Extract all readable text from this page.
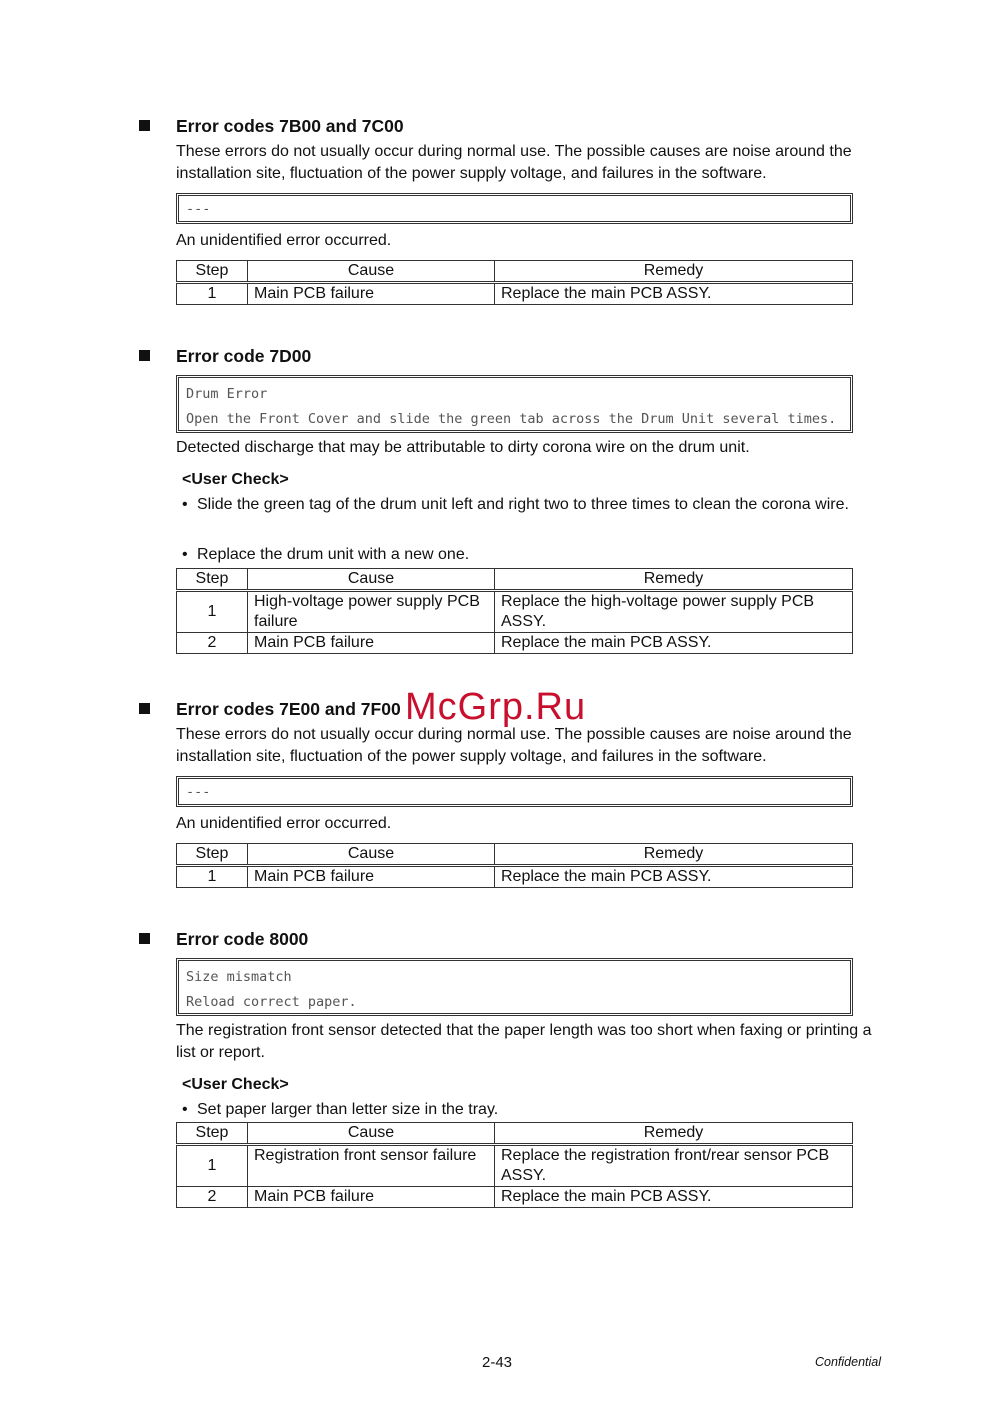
Error codes 7B00 and 7C00
These errors do not usually occur during normal use. The possible causes are noise around the installation site, fluctuation of the power supply voltage, and failures in the software.
---
An unidentified error occurred.
Step	Cause	Remedy
1	Main PCB failure	Replace the main PCB ASSY.
Error code 7D00
Drum Error
Open the Front Cover and slide the green tab across the Drum Unit several times.
Detected discharge that may be attributable to dirty corona wire on the drum unit.
<User Check>
• Slide the green tag of the drum unit left and right two to three times to clean the corona wire.
• Replace the drum unit with a new one.
Step	Cause	Remedy
1	High-voltage power supply PCB failure	Replace the high-voltage power supply PCB ASSY.
2	Main PCB failure	Replace the main PCB ASSY.
Error codes 7E00 and 7F00
These errors do not usually occur during normal use. The possible causes are noise around the installation site, fluctuation of the power supply voltage, and failures in the software.
---
An unidentified error occurred.
Step	Cause	Remedy
1	Main PCB failure	Replace the main PCB ASSY.
Error code 8000
Size mismatch
Reload correct paper.
The registration front sensor detected that the paper length was too short when faxing or printing a list or report.
<User Check>
• Set paper larger than letter size in the tray.
Step	Cause	Remedy
1	Registration front sensor failure	Replace the registration front/rear sensor PCB ASSY.
2	Main PCB failure	Replace the main PCB ASSY.
McGrp.Ru
2-43	Confidential
